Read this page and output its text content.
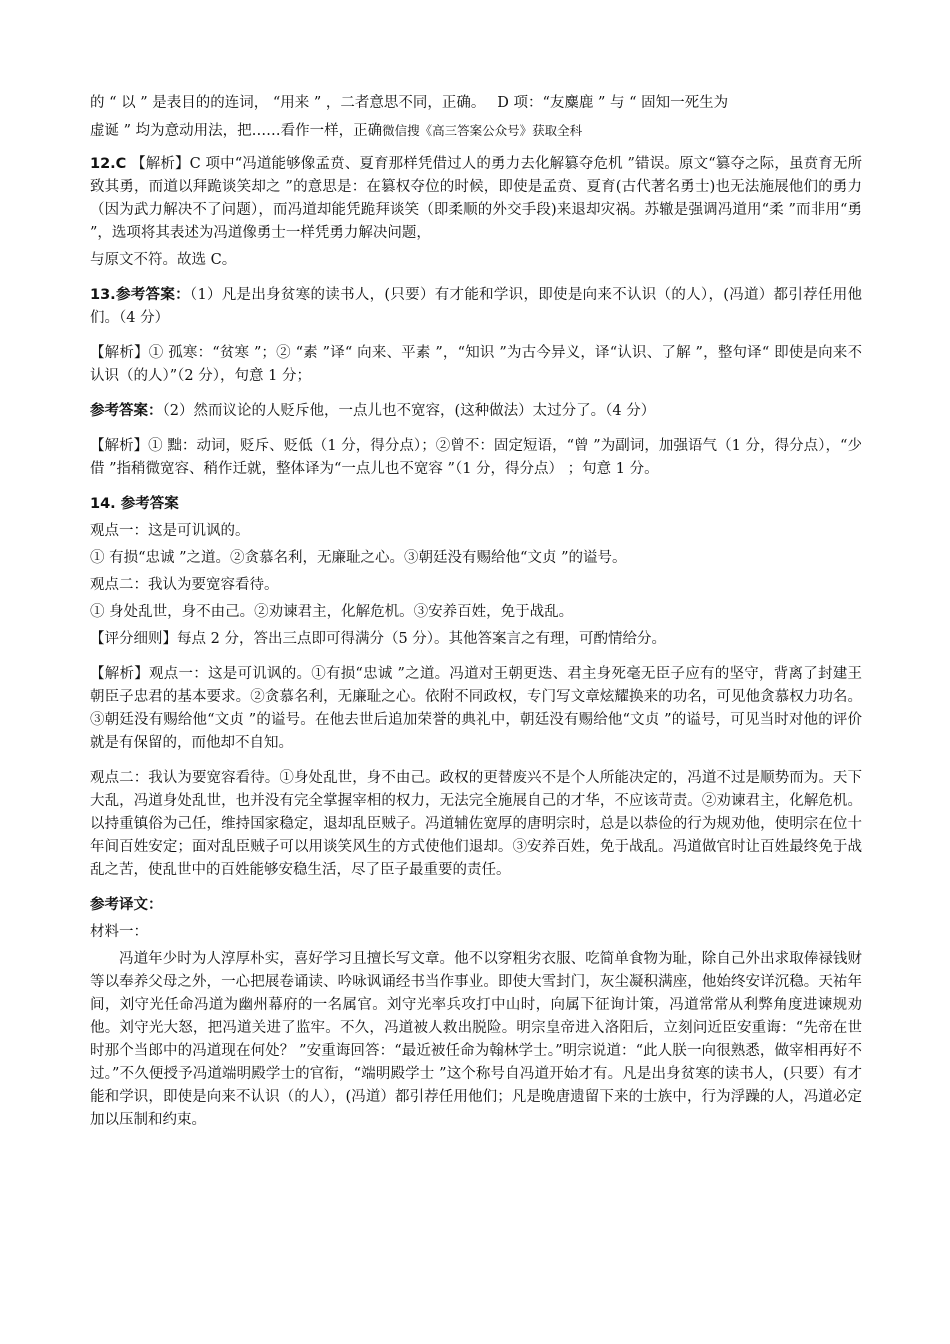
的 “ 以 ” 是表目的的连词， “用来 ” ，二者意思不同，正确。　 D 项：“友麋鹿 ” 与 “ 固知一死生为

虚诞 ” 均为意动用法，把……看作一样，正确微信搜《高三答案公众号》获取全科

12.C 【解析】C 项中“冯道能够像孟贲、夏育那样凭借过人的勇力去化解篡夺危机 ”错误。原文“篡夺之际，虽贲育无所致其勇，而道以拜跪谈笑却之 ”的意思是：在篡权夺位的时候，即使是孟贲、夏育(古代著名勇士)也无法施展他们的勇力（因为武力解决不了问题），而冯道却能凭跪拜谈笑（即柔顺的外交手段)来退却灾祸。苏辙是强调冯道用“柔 ”而非用“勇 ”，选项将其表述为冯道像勇士一样凭勇力解决问题，

与原文不符。故选 C。

13.参考答案：（1）凡是出身贫寒的读书人，(只要）有才能和学识，即使是向来不认识（的人），(冯道）都引荐任用他们。（4 分）

【解析】① 孤寒：“贫寒 ”；② “素 ”译“ 向来、平素 ”，“知识 ”为古今异义，译“认识、了解 ”，整句译“ 即使是向来不认识（的人）”（2 分），句意 1 分；

参考答案：（2）然而议论的人贬斥他，一点儿也不宽容，(这种做法）太过分了。（4 分）

【解析】① 黜：动词，贬斥、贬低（1 分，得分点）；②曾不：固定短语，“曾 ”为副词，加强语气（1 分，得分点），“少借 ”指稍微宽容、稍作迁就，整体译为“一点儿也不宽容 ”（1 分，得分点） ；句意 1 分。

14. 参考答案

观点一：这是可讥讽的。

① 有损“忠诚 ”之道。②贪慕名利，无廉耻之心。③朝廷没有赐给他“文贞 ”的谥号。

观点二：我认为要宽容看待。

① 身处乱世，身不由己。②劝谏君主，化解危机。③安养百姓，免于战乱。

【评分细则】每点 2 分，答出三点即可得满分（5 分）。其他答案言之有理，可酌情给分。

【解析】观点一：这是可讥讽的。①有损“忠诚 ”之道。冯道对王朝更迭、君主身死毫无臣子应有的坚守，背离了封建王朝臣子忠君的基本要求。②贪慕名利，无廉耻之心。依附不同政权，专门写文章炫耀换来的功名，可见他贪慕权力功名。③朝廷没有赐给他“文贞 ”的谥号。在他去世后追加荣誉的典礼中，朝廷没有赐给他“文贞 ”的谥号，可见当时对他的评价就是有保留的，而他却不自知。

观点二：我认为要宽容看待。①身处乱世，身不由己。政权的更替废兴不是个人所能决定的，冯道不过是顺势而为。天下大乱，冯道身处乱世，也并没有完全掌握宰相的权力，无法完全施展自己的才华，不应该苛责。②劝谏君主，化解危机。以持重镇俗为己任，维持国家稳定，退却乱臣贼子。冯道辅佐宽厚的唐明宗时，总是以恭俭的行为规劝他，使明宗在位十年间百姓安定；面对乱臣贼子可以用谈笑风生的方式使他们退却。③安养百姓，免于战乱。冯道做官时让百姓最终免于战乱之苦，使乱世中的百姓能够安稳生活，尽了臣子最重要的责任。

参考译文：

材料一：

冯道年少时为人淳厚朴实，喜好学习且擅长写文章。他不以穿粗劣衣服、吃简单食物为耻，除自己外出求取俸禄钱财等以奉养父母之外，一心把展卷诵读、吟咏讽诵经书当作事业。即使大雪封门，灰尘凝积满座，他始终安详沉稳。天祐年间，刘守光任命冯道为幽州幕府的一名属官。刘守光率兵攻打中山时，向属下征询计策，冯道常常从利弊角度进谏规劝他。刘守光大怒，把冯道关进了监牢。不久，冯道被人救出脱险。明宗皇帝进入洛阳后，立刻问近臣安重诲：“先帝在世时那个当郎中的冯道现在何处？ ”安重诲回答：“最近被任命为翰林学士。”明宗说道：“此人朕一向很熟悉，做宰相再好不过。”不久便授予冯道端明殿学士的官衔，“端明殿学士 ”这个称号自冯道开始才有。凡是出身贫寒的读书人，(只要）有才能和学识，即使是向来不认识（的人），(冯道）都引荐任用他们；凡是晚唐遗留下来的士族中，行为浮躁的人，冯道必定加以压制和约束。
